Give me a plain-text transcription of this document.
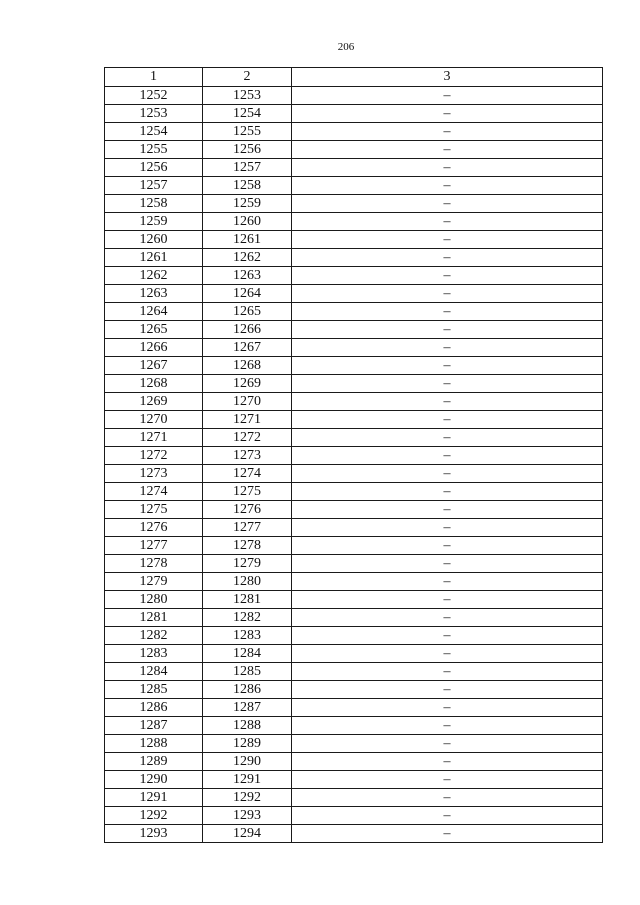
206
1	2	3
1252	1253	–
1253	1254	–
1254	1255	–
1255	1256	–
1256	1257	–
1257	1258	–
1258	1259	–
1259	1260	–
1260	1261	–
1261	1262	–
1262	1263	–
1263	1264	–
1264	1265	–
1265	1266	–
1266	1267	–
1267	1268	–
1268	1269	–
1269	1270	–
1270	1271	–
1271	1272	–
1272	1273	–
1273	1274	–
1274	1275	–
1275	1276	–
1276	1277	–
1277	1278	–
1278	1279	–
1279	1280	–
1280	1281	–
1281	1282	–
1282	1283	–
1283	1284	–
1284	1285	–
1285	1286	–
1286	1287	–
1287	1288	–
1288	1289	–
1289	1290	–
1290	1291	–
1291	1292	–
1292	1293	–
1293	1294	–
